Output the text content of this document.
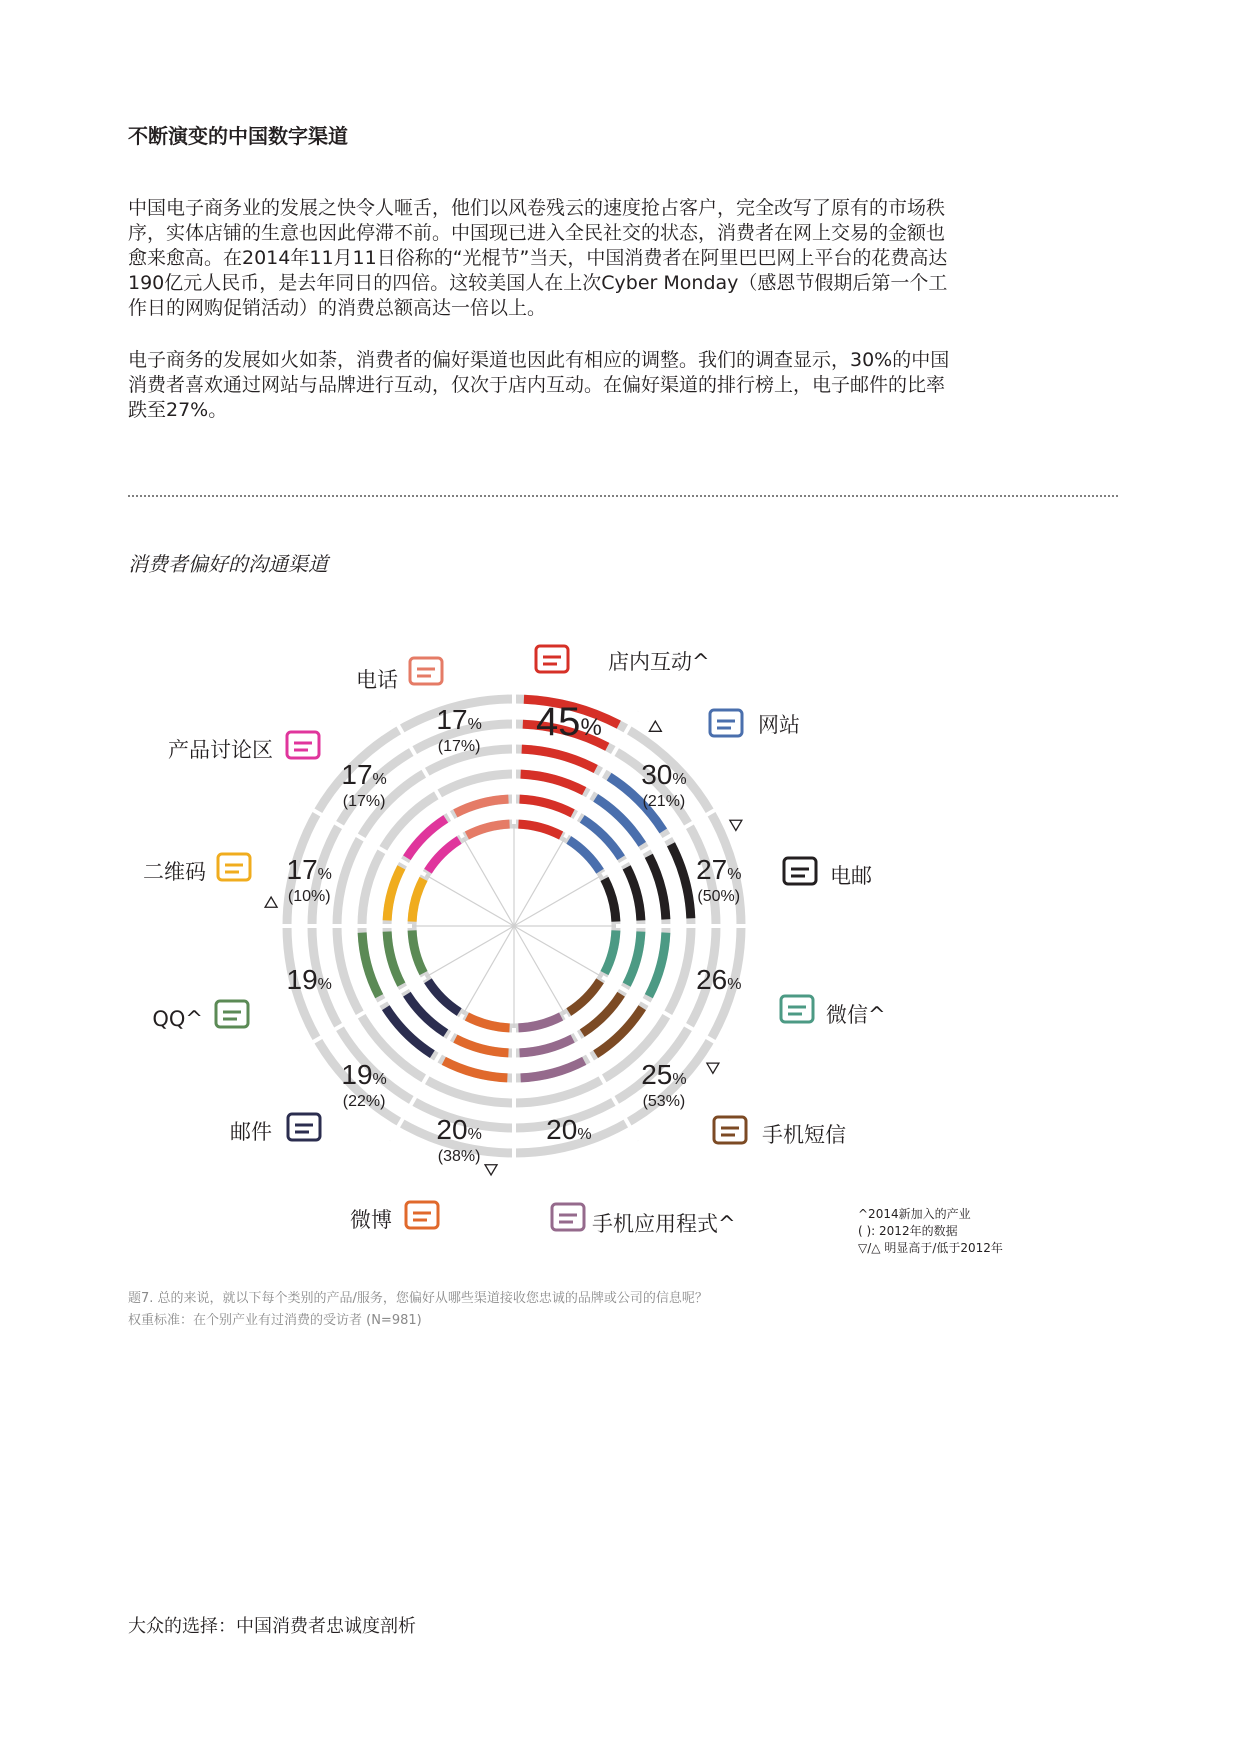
不断演变的中国数字渠道

中国电子商务业的发展之快令人咂舌，他们以风卷残云的速度抢占客户，完全改写了原有的市场秩序，实体店铺的生意也因此停滞不前。中国现已进入全民社交的状态，消费者在网上交易的金额也愈来愈高。在2014年11月11日俗称的“光棍节”当天，中国消费者在阿里巴巴网上平台的花费高达190亿元人民币，是去年同日的四倍。这较美国人在上次Cyber Monday（感恩节假期后第一个工作日的网购促销活动）的消费总额高达一倍以上。

电子商务的发展如火如荼，消费者的偏好渠道也因此有相应的调整。我们的调查显示，30%的中国消费者喜欢通过网站与品牌进行互动，仅次于店内互动。在偏好渠道的排行榜上，电子邮件的比率跌至27%。

消费者偏好的沟通渠道
45%
30%
(21%)
27%
(50%)
26%
25%
(53%)
20%
20%
(38%)
19%
(22%)
19%
17%
(10%)
17%
(17%)
17%
(17%)
店内互动^
网站
电邮
微信^
手机短信
手机应用程式^
微博
邮件
QQ^
二维码
产品讨论区
电话
^2014新加入的产业
( ): 2012年的数据
▽/△ 明显高于/低于2012年
题7. 总的来说，就以下每个类别的产品/服务，您偏好从哪些渠道接收您忠诚的品牌或公司的信息呢？
权重标准：在个别产业有过消费的受访者 (N=981)
大众的选择：中国消费者忠诚度剖析
